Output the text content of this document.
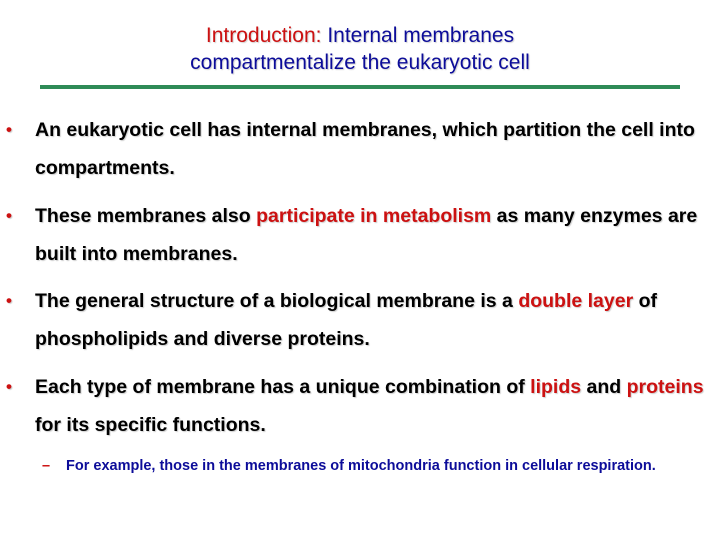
Introduction: Internal membranes
compartmentalize the eukaryotic cell
• An eukaryotic cell has internal membranes, which partition the cell into compartments.
• These membranes also participate in metabolism as many enzymes are built into membranes.
• The general structure of a biological membrane is a double layer of phospholipids and diverse proteins.
• Each type of membrane has a unique combination of lipids and proteins for its specific functions.
– For example, those in the membranes of mitochondria function in cellular respiration.
